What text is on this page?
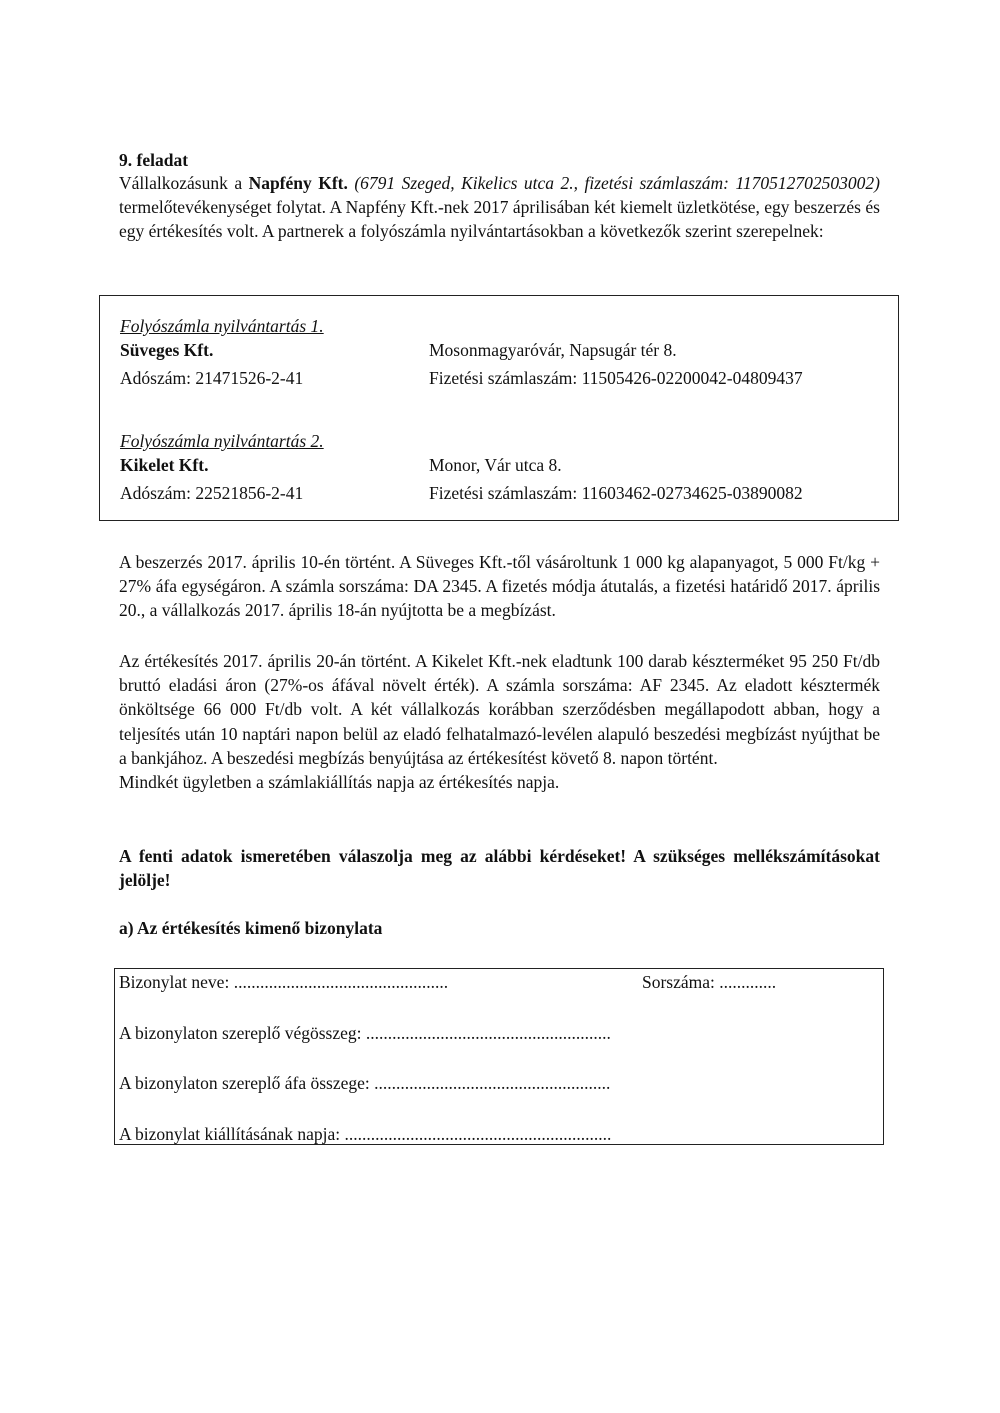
9. feladat
Vállalkozásunk a Napfény Kft. (6791 Szeged, Kikelics utca 2., fizetési számlaszám: 117051270250300​2) termelőtevékenységet folytat. A Napfény Kft.-nek 2017 áprilisában két kiemelt üzletkötése, egy beszerzés és egy értékesítés volt. A partnerek a folyószámla nyilvántartásokban a következők szerint szerepelnek:
Folyószámla nyilvántartás 1.
Süveges Kft.	Mosonmagyaróvár, Napsugár tér 8.
Adószám: 21471526-2-41	Fizetési számlaszám: 11505426-02200042-04809437
Folyószámla nyilvántartás 2.
Kikelet Kft.	Monor, Vár utca 8.
Adószám: 22521856-2-41	Fizetési számlaszám: 11603462-02734625-03890082
A beszerzés 2017. április 10-én történt. A Süveges Kft.-től vásároltunk 1 000 kg alapanyagot, 5 000 Ft/kg + 27% áfa egységáron. A számla sorszáma: DA 2345. A fizetés módja átutalás, a fizetési határidő 2017. április 20., a vállalkozás 2017. április 18-án nyújtotta be a megbízást.
Az értékesítés 2017. április 20-án történt. A Kikelet Kft.-nek eladtunk 100 darab készterméket 95 250 Ft/db bruttó eladási áron (27%-os áfával növelt érték). A számla sorszáma: AF 2345. Az eladott késztermék önköltsége 66 000 Ft/db volt. A két vállalkozás korábban szerződésben megállapodott abban, hogy a teljesítés után 10 naptári napon belül az eladó felhatalmazó-levélen alapuló beszedési megbízást nyújthat be a bankjához. A beszedési megbízás benyújtása az értékesítést követő 8. napon történt.
Mindkét ügyletben a számlakiállítás napja az értékesítés napja.
A fenti adatok ismeretében válaszolja meg az alábbi kérdéseket! A szükséges mellékszámításokat jelölje!
a) Az értékesítés kimenő bizonylata
Bizonylat neve: .................................................	Sorszáma: .............
A bizonylaton szereplő végösszeg: ........................................................
A bizonylaton szereplő áfa összege: ......................................................
A bizonylat kiállításának napja: .............................................................
